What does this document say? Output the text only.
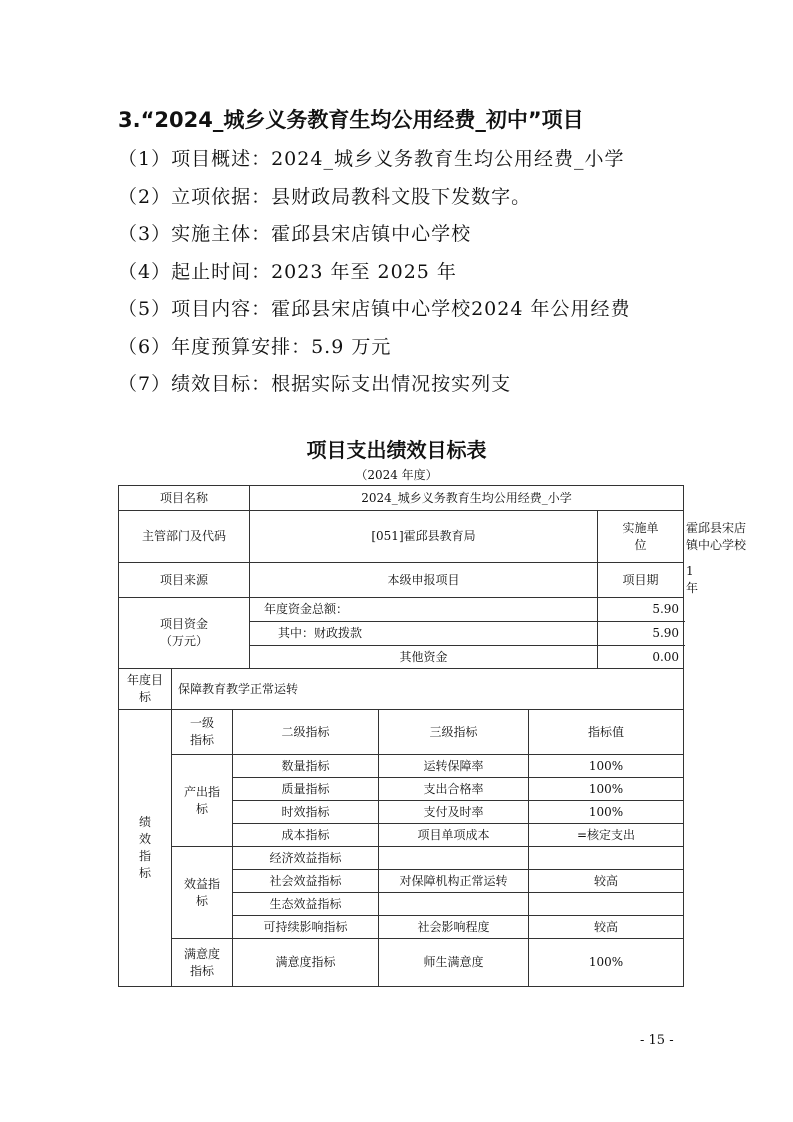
3.“2024_城乡义务教育生均公用经费_初中”项目
（1）项目概述：2024_城乡义务教育生均公用经费_小学
（2）立项依据：县财政局教科文股下发数字。
（3）实施主体：霍邱县宋店镇中心学校
（4）起止时间：2023 年至 2025 年
（5）项目内容：霍邱县宋店镇中心学校2024 年公用经费
（6）年度预算安排：5.9 万元
（7）绩效目标：根据实际支出情况按实列支
项目支出绩效目标表
（2024 年度）
项目名称			2024_城乡义务教育生均公用经费_小学				
主管部门及代码			[051]霍邱县教育局			实施单位	霍邱县宋店镇中心学校

项目来源			本级申报项目			项目期	1 年
项目资金（万元）			年度资金总额：			5.90	
			其中：财政拨款			5.90	
			其他资金			0.00	
年度目标	保障教育教学正常运转						
绩效指标	一级指标	二级指标		三级指标	指标值		
	产出指标	数量指标		运转保障率	100%		
		质量指标		支出合格率	100%		
		时效指标		支付及时率	100%		
		成本指标		项目单项成本	=核定支出		
	效益指标	经济效益指标					
		社会效益指标		对保障机构正常运转	较高		
		生态效益指标					
		可持续影响指标		社会影响程度	较高		
	满意度指标	满意度指标		师生满意度	100%		
- 15 -
